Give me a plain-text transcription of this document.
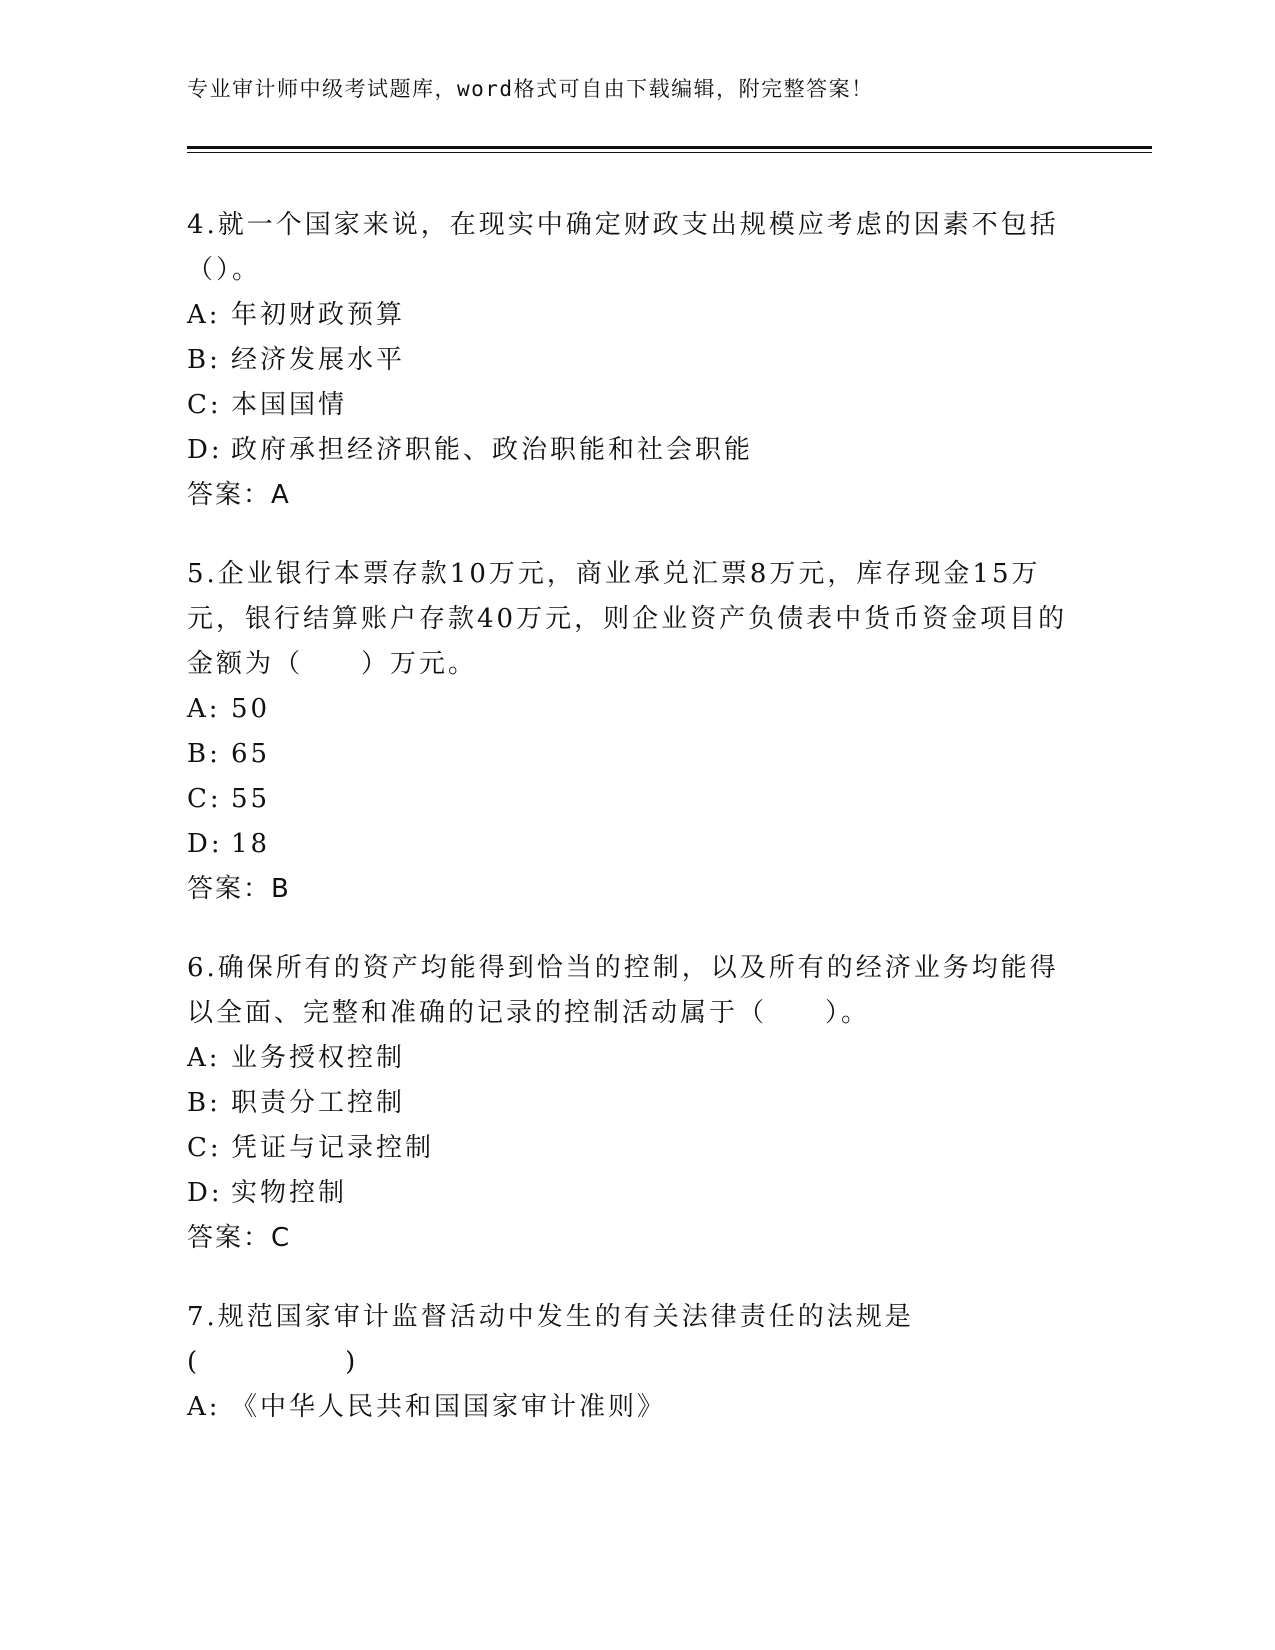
专业审计师中级考试题库，word格式可自由下载编辑，附完整答案！

4.就一个国家来说，在现实中确定财政支出规模应考虑的因素不包括
（）。

A: 年初财政预算

B: 经济发展水平

C: 本国国情

D: 政府承担经济职能、政治职能和社会职能

答案：A

5.企业银行本票存款10万元，商业承兑汇票8万元，库存现金15万
元，银行结算账户存款40万元，则企业资产负债表中货币资金项目的
金额为（　　）万元。

A: 50

B: 65

C: 55

D: 18

答案：B

6.确保所有的资产均能得到恰当的控制，以及所有的经济业务均能得
以全面、完整和准确的记录的控制活动属于（　　）。

A: 业务授权控制

B: 职责分工控制

C: 凭证与记录控制

D: 实物控制

答案：C

7.规范国家审计监督活动中发生的有关法律责任的法规是
(　　　　　)

A: 《中华人民共和国国家审计准则》
